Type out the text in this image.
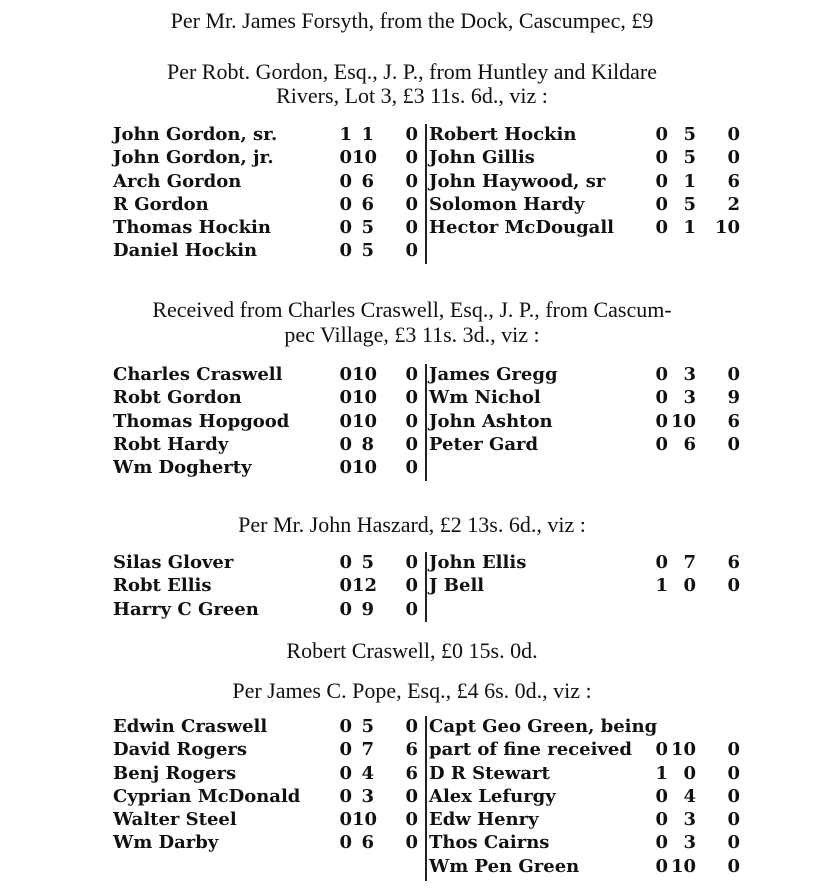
Per Mr. James Forsyth, from the Dock, Cascumpec, £9
Per Robt. Gordon, Esq., J. P., from Huntley and Kildare
Rivers, Lot 3, £3 11s. 6d., viz :
John Gordon, sr.	1 1	0 Robert Hockin	0 5	0
John Gordon, jr.	0 10	0 John Gillis	0 5	0
Arch Gordon	0 6	0 John Haywood, sr	0 1	6
R Gordon	0 6	0 Solomon Hardy	0 5	2
Thomas Hockin	0 5	0 Hector McDougall	0 1 10
Daniel Hockin	0 5	0
Received from Charles Craswell, Esq., J. P., from Cascum-
pec Village, £3 11s. 3d., viz :
Charles Craswell	0 10	0 James Gregg	0 3	0
Robt Gordon	0 10	0 Wm Nichol	0 3	9
Thomas Hopgood	0 10	0 John Ashton	0 10	6
Robt Hardy	0 8	0 Peter Gard	0 6	0
Wm Dogherty	0 10	0
Per Mr. John Haszard, £2 13s. 6d., viz :
Silas Glover	0 5	0 John Ellis	0 7	6
Robt Ellis	0 12	0 J Bell	1 0	0
Harry C Green	0 9	0
Robert Craswell, £0 15s. 0d.
Per James C. Pope, Esq., £4 6s. 0d., viz :
Edwin Craswell	0 5	0 Capt Geo Green, being
David Rogers	0 7	6 part of fine received	0 10	0
Benj Rogers	0 4	6 D R Stewart	1 0	0
Cyprian McDonald	0 3	0 Alex Lefurgy	0 4	0
Walter Steel	0 10	0 Edw Henry	0 3	0
Wm Darby	0 6	0 Thos Cairns	0 3	0
Wm Pen Green	0 10	0
